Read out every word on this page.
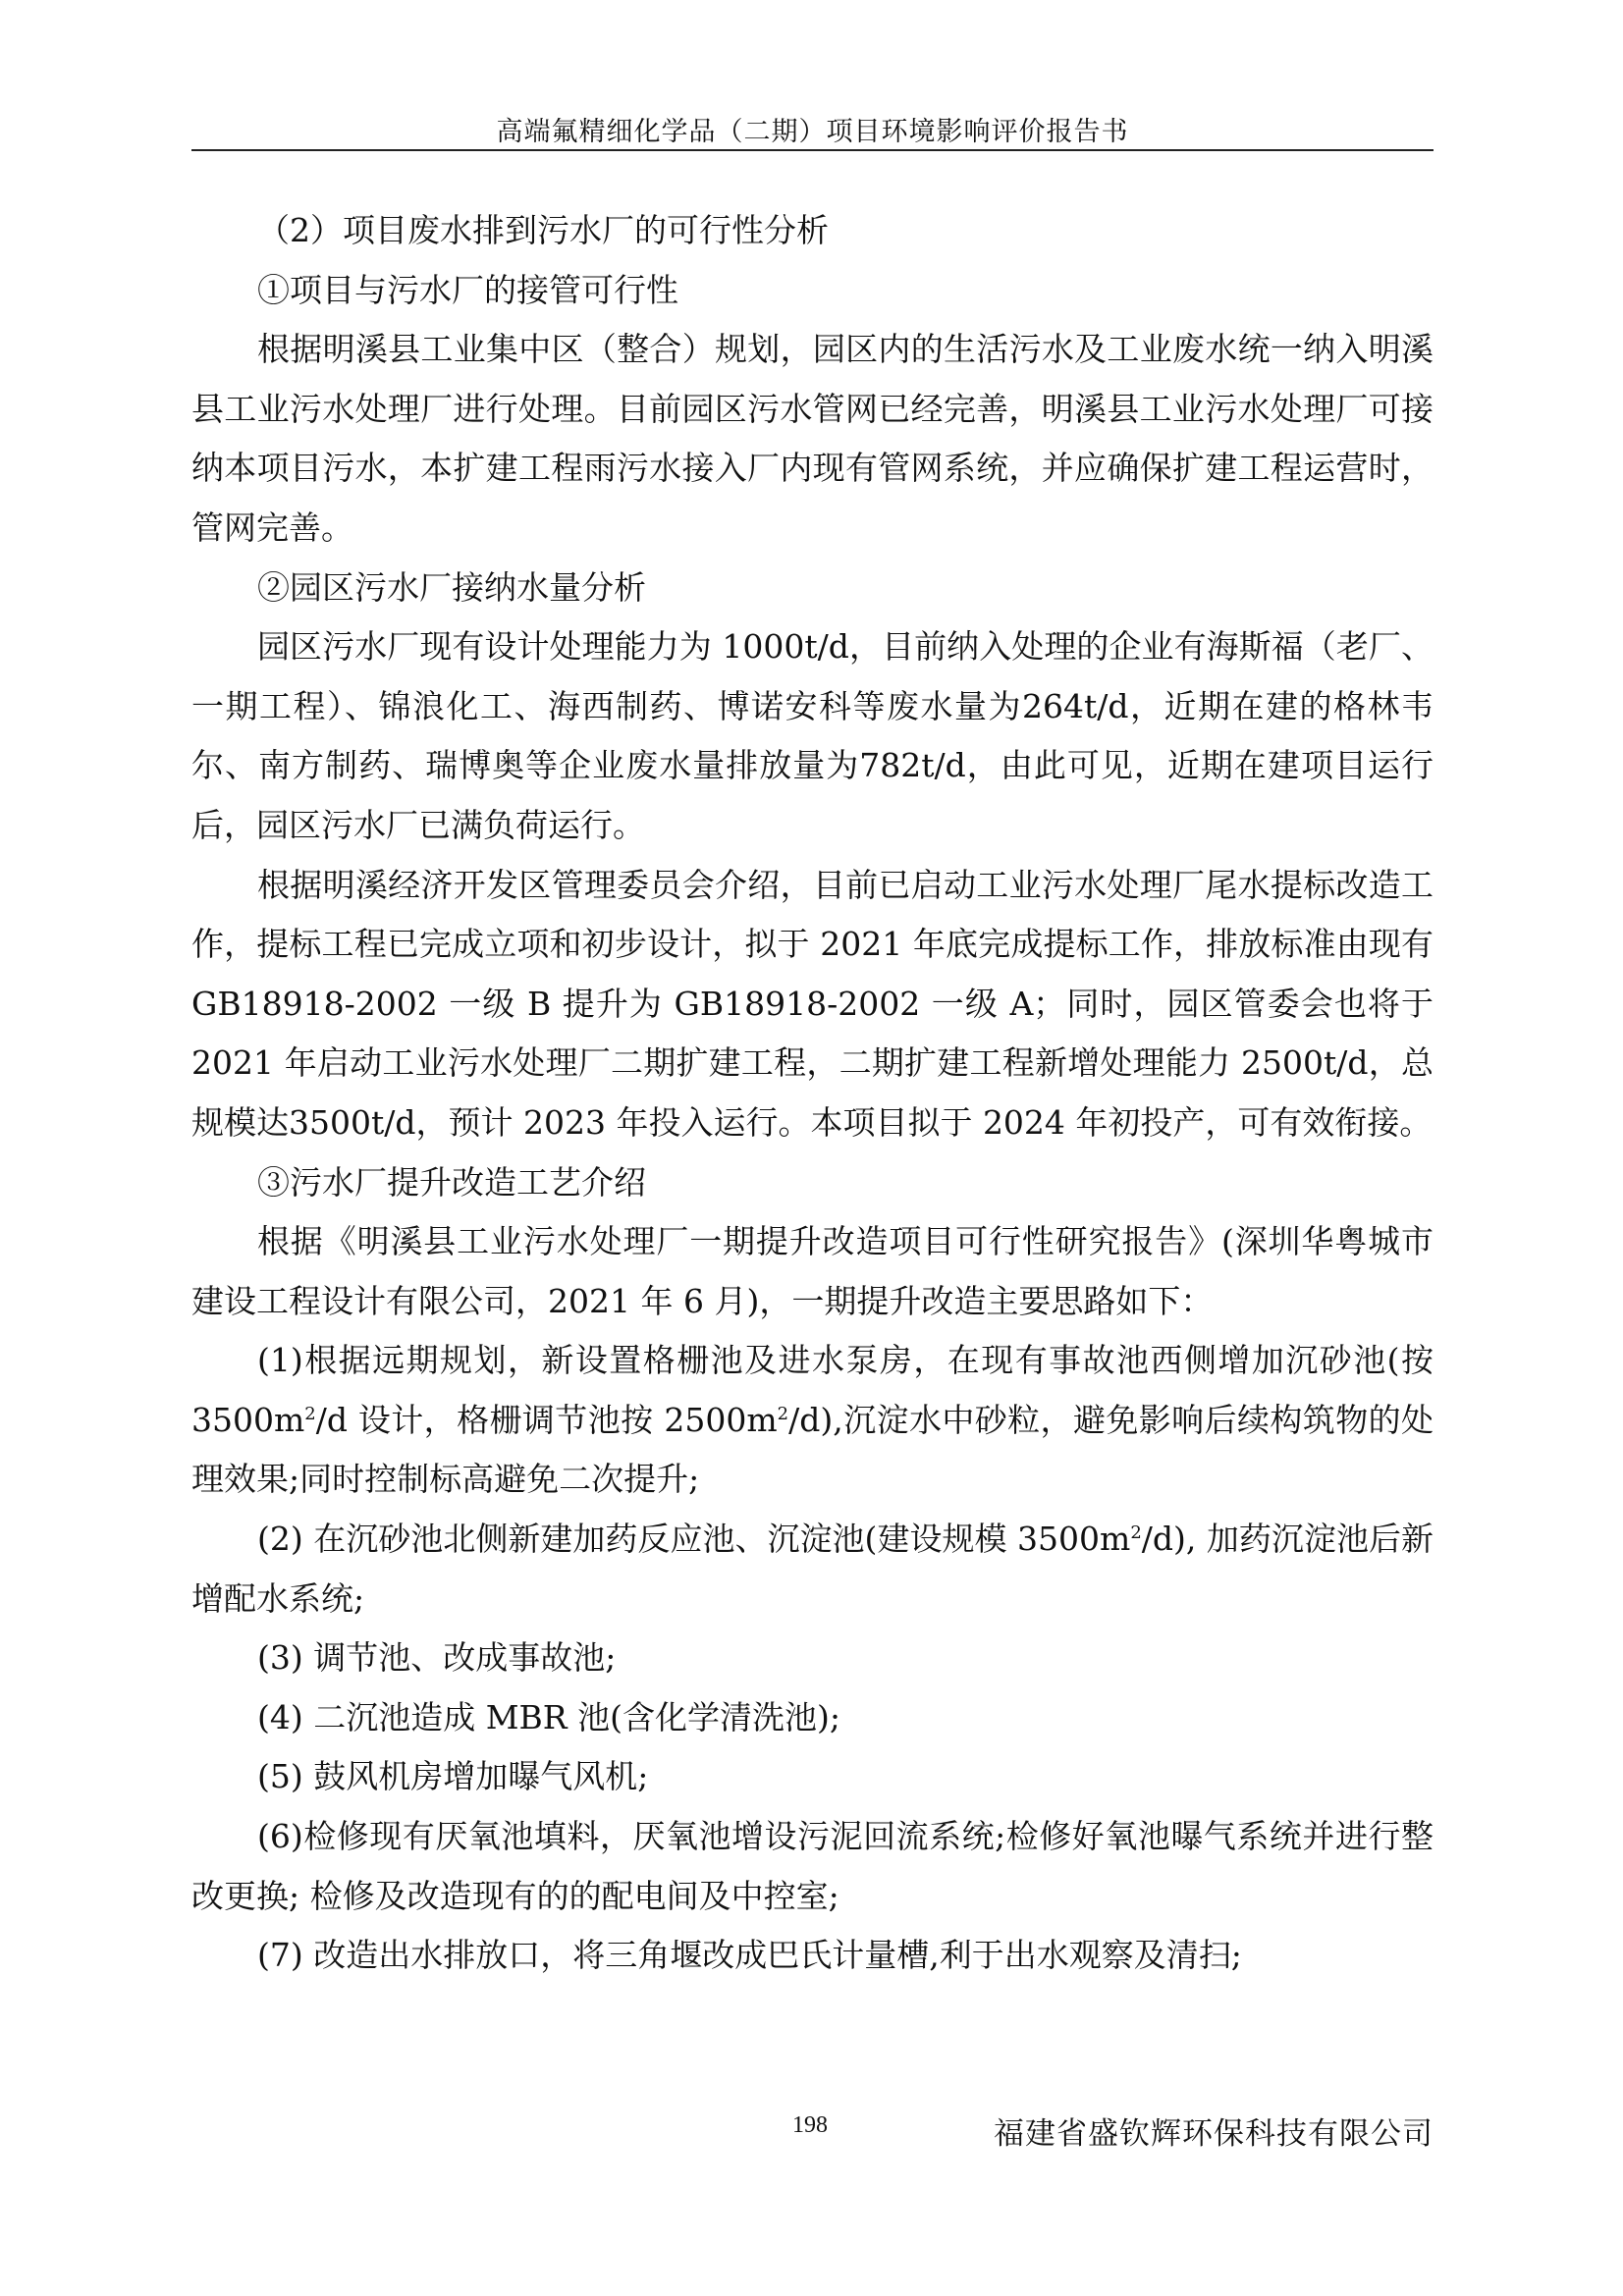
高端氟精细化学品（二期）项目环境影响评价报告书

（2）项目废水排到污水厂的可行性分析

①项目与污水厂的接管可行性

根据明溪县工业集中区（整合）规划，园区内的生活污水及工业废水统一纳入明溪县工业污水处理厂进行处理。目前园区污水管网已经完善，明溪县工业污水处理厂可接纳本项目污水，本扩建工程雨污水接入厂内现有管网系统，并应确保扩建工程运营时，管网完善。

②园区污水厂接纳水量分析

园区污水厂现有设计处理能力为 1000t/d，目前纳入处理的企业有海斯福（老厂、一期工程）、锦浪化工、海西制药、博诺安科等废水量为264t/d，近期在建的格林韦尔、南方制药、瑞博奥等企业废水量排放量为782t/d，由此可见，近期在建项目运行后，园区污水厂已满负荷运行。

根据明溪经济开发区管理委员会介绍，目前已启动工业污水处理厂尾水提标改造工作，提标工程已完成立项和初步设计，拟于 2021 年底完成提标工作，排放标准由现有GB18918-2002 一级 B 提升为 GB18918-2002 一级 A；同时，园区管委会也将于 2021 年启动工业污水处理厂二期扩建工程，二期扩建工程新增处理能力 2500t/d，总规模达3500t/d，预计 2023 年投入运行。本项目拟于 2024 年初投产，可有效衔接。

③污水厂提升改造工艺介绍

根据《明溪县工业污水处理厂一期提升改造项目可行性研究报告》(深圳华粤城市建设工程设计有限公司，2021 年 6 月)，一期提升改造主要思路如下：

(1)根据远期规划，新设置格栅池及进水泵房，在现有事故池西侧增加沉砂池(按$3500m^2/d$ 设计，格栅调节池按 $2500m^2/d$),沉淀水中砂粒，避免影响后续构筑物的处理效果;同时控制标高避免二次提升;

(2) 在沉砂池北侧新建加药反应池、沉淀池(建设规模 $3500m^2/d$), 加药沉淀池后新增配水系统;

(3) 调节池、改成事故池;

(4) 二沉池造成 MBR 池(含化学清洗池);

(5) 鼓风机房增加曝气风机;

(6)检修现有厌氧池填料，厌氧池增设污泥回流系统;检修好氧池曝气系统并进行整改更换; 检修及改造现有的的配电间及中控室;

(7) 改造出水排放口，将三角堰改成巴氏计量槽,利于出水观察及清扫;

198	福建省盛钦辉环保科技有限公司
